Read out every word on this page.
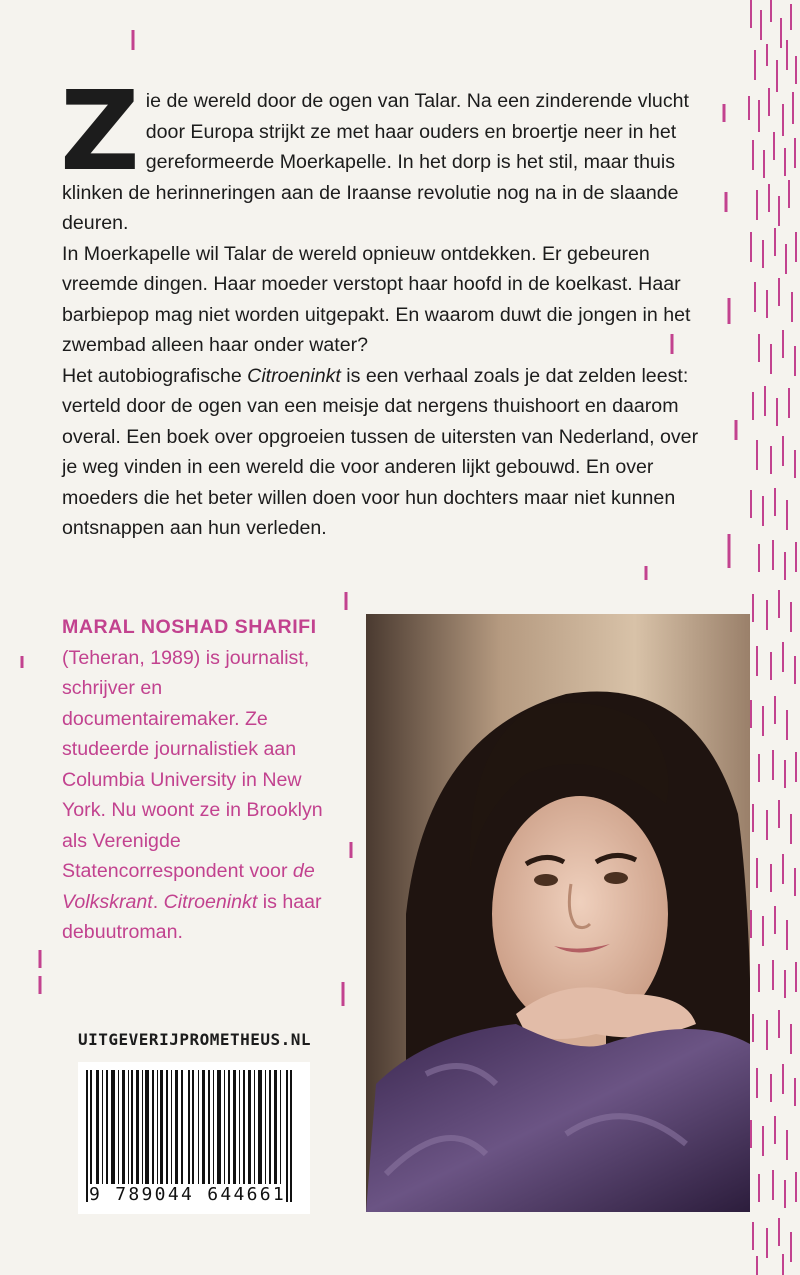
Zie de wereld door de ogen van Talar. Na een zinderende vlucht door Europa strijkt ze met haar ouders en broertje neer in het gereformeerde Moerkapelle. In het dorp is het stil, maar thuis klinken de herinneringen aan de Iraanse revolutie nog na in de slaande deuren.

In Moerkapelle wil Talar de wereld opnieuw ontdekken. Er gebeuren vreemde dingen. Haar moeder verstopt haar hoofd in de koelkast. Haar barbiepop mag niet worden uitgepakt. En waarom duwt die jongen in het zwembad alleen haar onder water?

Het autobiografische Citroeninkt is een verhaal zoals je dat zelden leest: verteld door de ogen van een meisje dat nergens thuishoort en daarom overal. Een boek over opgroeien tussen de uitersten van Nederland, over je weg vinden in een wereld die voor anderen lijkt gebouwd. En over moeders die het beter willen doen voor hun dochters maar niet kunnen ontsnappen aan hun verleden.

MARAL NOSHAD SHARIFI (Teheran, 1989) is journalist, schrijver en documentairemaker. Ze studeerde journalistiek aan Columbia University in New York. Nu woont ze in Brooklyn als Verenigde Statencorrespondent voor de Volkskrant. Citroeninkt is haar debuutroman.
UITGEVERIJPROMETHEUS.NL
9 789044 644661
